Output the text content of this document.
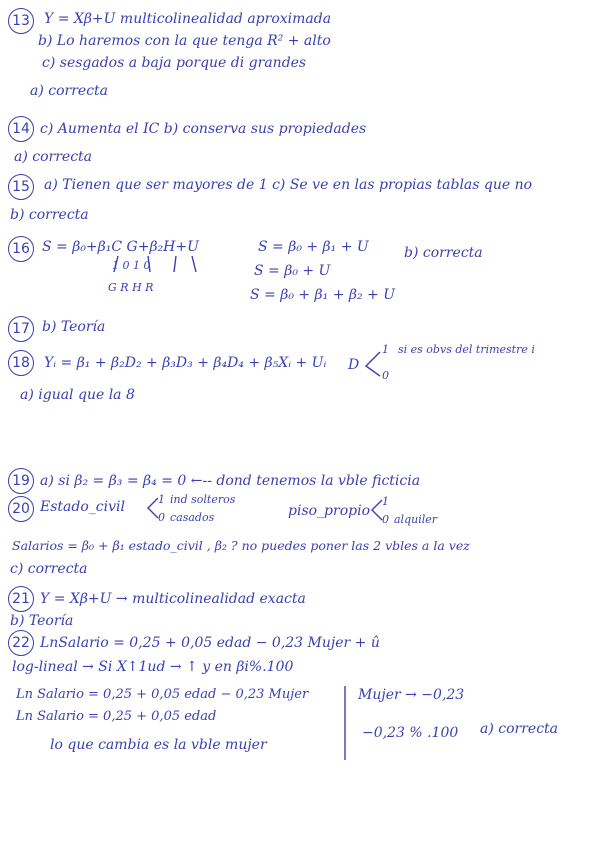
13 Y = Xβ+U multicolinealidad aproximada
b) Lo haremos con la que tenga R² + alto
c) sesgados a baja porque di grandes
a) correcta
14 c) Aumenta el IC b) conserva sus propiedades
a) correcta
15 a) Tienen que ser mayores de 1 c) Se ve en las propias tablas que no
b) correcta
16 S = β₀+β₁C G+β₂H+U
1 0 1 0
G R H R
S = β₀ + β₁ + U
S = β₀ + U
S = β₀ + β₁ + β₂ + U
b) correcta
17 b) Teoría
18 Yᵢ = β₁ + β₂D₂ + β₃D₃ + β₄D₄ + β₅Xᵢ + Uᵢ D
1
0
si es obvs del trimestre i
a) igual que la 8
19 a) si β₂ = β₃ = β₄ = 0 ←-- dond tenemos la vble ficticia
20 Estado_civil	1
0
ind solteros
casados	piso_propio
1
0 alquiler
Salarios = β₀ + β₁ estado_civil , β₂ ? no puedes poner las 2 vbles a la vez
c) correcta
21 Y = Xβ+U → multicolinealidad exacta
b) Teoría
22 LnSalario = 0,25 + 0,05 edad − 0,23 Mujer + û
log-lineal → Si X↑1ud → ↑ y en βi%.100
Ln Salario = 0,25 + 0,05 edad − 0,23 Mujer
Ln Salario = 0,25 + 0,05 edad
lo que cambia es la vble mujer
Mujer → −0,23
−0,23 % .100 a) correcta
